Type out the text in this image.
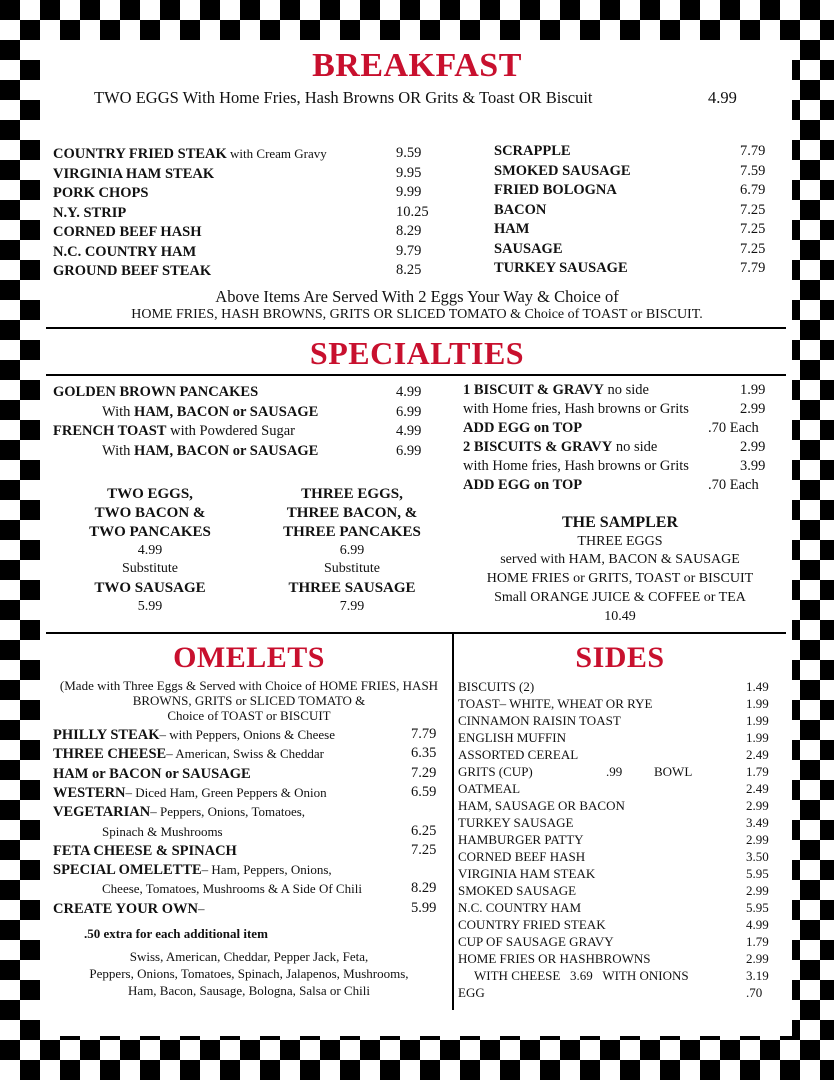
BREAKFAST
TWO EGGS With Home Fries, Hash Browns OR Grits & Toast OR Biscuit	4.99
COUNTRY FRIED STEAK with Cream Gravy	9.59
VIRGINIA HAM STEAK	9.95
PORK CHOPS	9.99
N.Y. STRIP	10.25
CORNED BEEF HASH	8.29
N.C. COUNTRY HAM	9.79
GROUND BEEF STEAK	8.25
SCRAPPLE	7.79
SMOKED SAUSAGE	7.59
FRIED BOLOGNA	6.79
BACON	7.25
HAM	7.25
SAUSAGE	7.25
TURKEY SAUSAGE	7.79
Above Items Are Served With 2 Eggs Your Way & Choice of
HOME FRIES, HASH BROWNS, GRITS OR SLICED TOMATO & Choice of TOAST or BISCUIT.
SPECIALTIES
GOLDEN BROWN PANCAKES	4.99
With HAM, BACON or SAUSAGE	6.99
FRENCH TOAST with Powdered Sugar	4.99
With HAM, BACON or SAUSAGE	6.99
1 BISCUIT & GRAVY no side	1.99
with Home fries, Hash browns or Grits	2.99
ADD EGG on TOP	.70 Each
2 BISCUITS & GRAVY no side	2.99
with Home fries, Hash browns or Grits	3.99
ADD EGG on TOP	.70 Each
TWO EGGS,
TWO BACON &
TWO PANCAKES
4.99
Substitute
TWO SAUSAGE
5.99
THREE EGGS,
THREE BACON, &
THREE PANCAKES
6.99
Substitute
THREE SAUSAGE
7.99
THE SAMPLER
THREE EGGS
served with HAM, BACON & SAUSAGE
HOME FRIES or GRITS, TOAST or BISCUIT
Small ORANGE JUICE & COFFEE or TEA
10.49
OMELETS
(Made with Three Eggs & Served with Choice of HOME FRIES, HASH
BROWNS, GRITS or SLICED TOMATO &
Choice of TOAST or BISCUIT
PHILLY STEAK– with Peppers, Onions & Cheese	7.79
THREE CHEESE– American, Swiss & Cheddar	6.35
HAM or BACON or SAUSAGE	7.29
WESTERN– Diced Ham, Green Peppers & Onion	6.59
VEGETARIAN– Peppers, Onions, Tomatoes,
Spinach & Mushrooms	6.25
FETA CHEESE & SPINACH	7.25
SPECIAL OMELETTE– Ham, Peppers, Onions,
Cheese, Tomatoes, Mushrooms & A Side Of Chili	8.29
CREATE YOUR OWN–	5.99
.50 extra for each additional item
Swiss, American, Cheddar, Pepper Jack, Feta,
Peppers, Onions, Tomatoes, Spinach, Jalapenos, Mushrooms,
Ham, Bacon, Sausage, Bologna, Salsa or Chili
SIDES
BISCUITS (2)	1.49
TOAST– WHITE, WHEAT OR RYE	1.99
CINNAMON RAISIN TOAST	1.99
ENGLISH MUFFIN	1.99
ASSORTED CEREAL	2.49
GRITS (CUP)	.99 BOWL	1.79
OATMEAL	2.49
HAM, SAUSAGE OR BACON	2.99
TURKEY SAUSAGE	3.49
HAMBURGER PATTY	2.99
CORNED BEEF HASH	3.50
VIRGINIA HAM STEAK	5.95
SMOKED SAUSAGE	2.99
N.C. COUNTRY HAM	5.95
COUNTRY FRIED STEAK	4.99
CUP OF SAUSAGE GRAVY	1.79
HOME FRIES OR HASHBROWNS	2.99
WITH CHEESE   3.69   WITH ONIONS	3.19
EGG	.70
